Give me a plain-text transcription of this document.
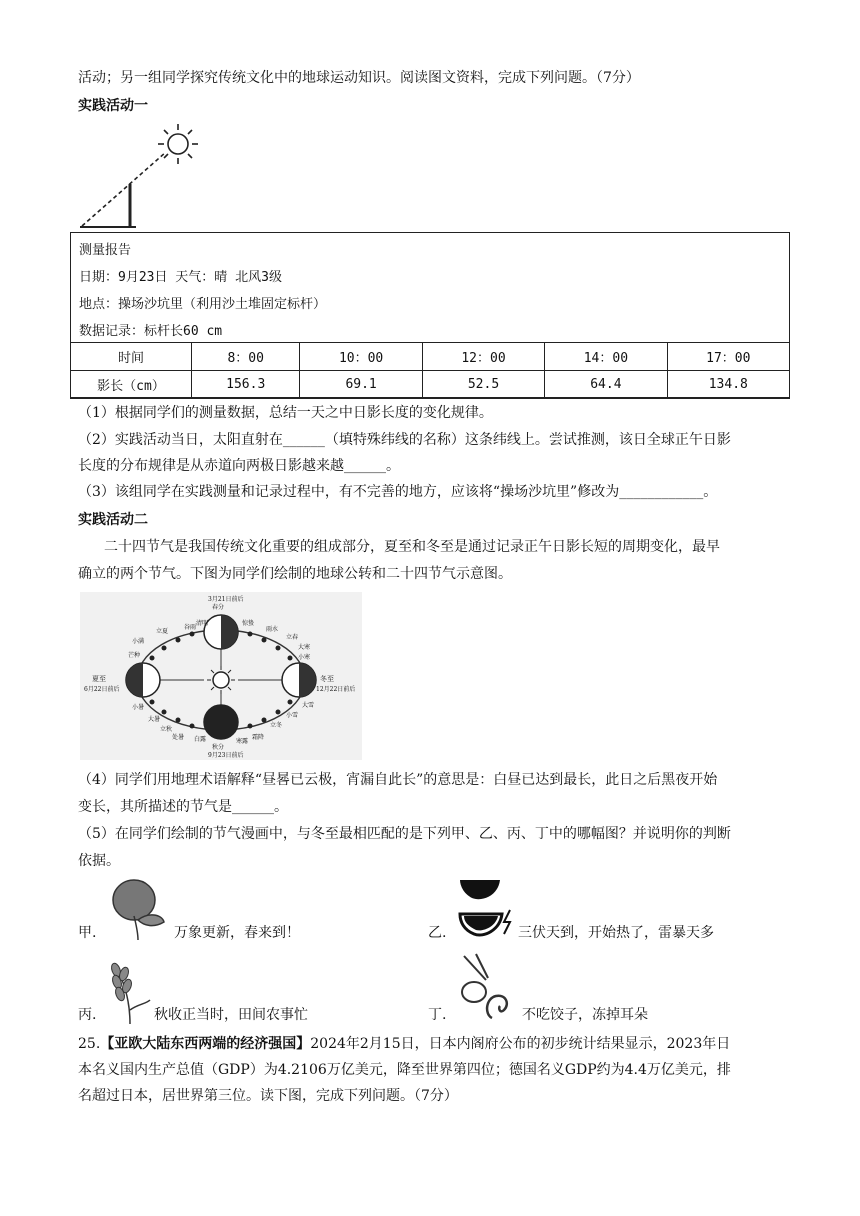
活动；另一组同学探究传统文化中的地球运动知识。阅读图文资料，完成下列问题。（7分）
实践活动一
测量报告
日期：9月23日 天气：晴 北风3级
地点：操场沙坑里（利用沙土堆固定标杆）
数据记录：标杆长60 cm
时间	8：00	10：00	12：00	14：00	17：00
影长（cm）	156.3	69.1	52.5	64.4	134.8
（1）根据同学们的测量数据，总结一天之中日影长度的变化规律。
（2）实践活动当日，太阳直射在______（填特殊纬线的名称）这条纬线上。尝试推测，该日全球正午日影
长度的分布规律是从赤道向两极日影越来越______。
（3）该组同学在实践测量和记录过程中，有不完善的地方，应该将“操场沙坑里”修改为____________。
实践活动二
二十四节气是我国传统文化重要的组成部分，夏至和冬至是通过记录正午日影长短的周期变化，最早
确立的两个节气。下图为同学们绘制的地球公转和二十四节气示意图。
3月21日前后
春分
夏至
6月22日前后
冬至
12月22日前后
秋分
9月23日前后
谷雨
清明
立夏
小满
芒种
惊蛰
雨水
立春
大寒
小寒
大雪
小雪
立冬
霜降
寒露
白露
处暑
立秋
大暑
小暑
（4）同学们用地理术语解释“昼晷已云极，宵漏自此长”的意思是：白昼已达到最长，此日之后黑夜开始
变长，其所描述的节气是______。
（5）在同学们绘制的节气漫画中，与冬至最相匹配的是下列甲、乙、丙、丁中的哪幅图？并说明你的判断
依据。
甲.	万象更新，春来到！	乙.	三伏天到，开始热了，雷暴天多
丙.	秋收正当时，田间农事忙	丁.	不吃饺子，冻掉耳朵
25.【亚欧大陆东西两端的经济强国】2024年2月15日，日本内阁府公布的初步统计结果显示，2023年日
本名义国内生产总值（GDP）为4.2106万亿美元，降至世界第四位；德国名义GDP约为4.4万亿美元，排
名超过日本，居世界第三位。读下图，完成下列问题。（7分）
